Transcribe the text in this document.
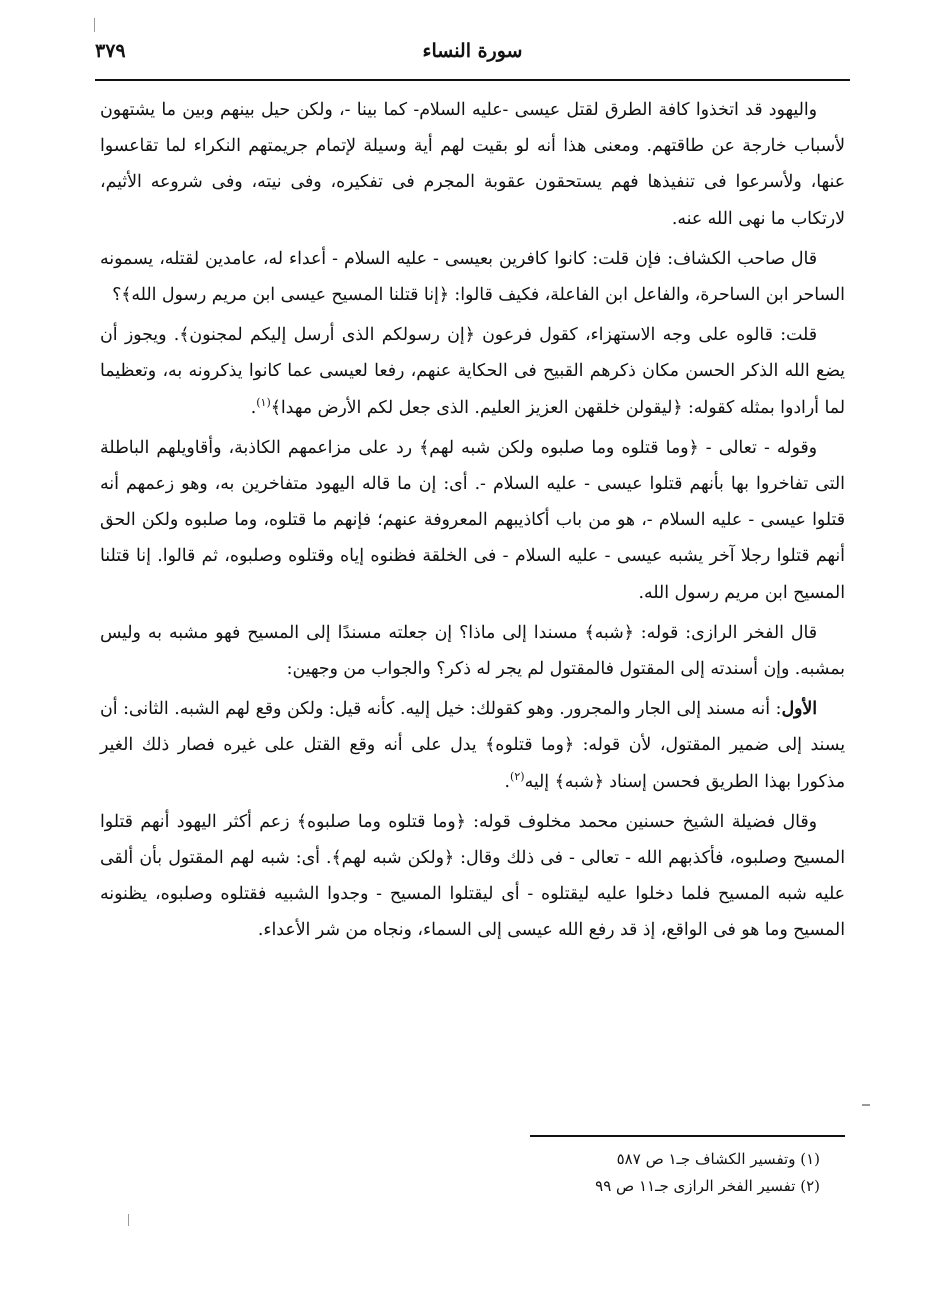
سورة النساء
٣٧٩

واليهود قد اتخذوا كافة الطرق لقتل عيسى -عليه السلام- كما بينا -، ولكن حيل بينهم وبين ما يشتهون لأسباب خارجة عن طاقتهم. ومعنى هذا أنه لو بقيت لهم أية وسيلة لإتمام جريمتهم النكراء لما تقاعسوا عنها، ولأسرعوا فى تنفيذها فهم يستحقون عقوبة المجرم فى تفكيره، وفى نيته، وفى شروعه الأثيم، لارتكاب ما نهى الله عنه.

قال صاحب الكشاف: فإن قلت: كانوا كافرين بعيسى - عليه السلام - أعداء له، عامدين لقتله، يسمونه الساحر ابن الساحرة، والفاعل ابن الفاعلة، فكيف قالوا: ﴿إنا قتلنا المسيح عيسى ابن مريم رسول الله﴾؟

قلت: قالوه على وجه الاستهزاء، كقول فرعون ﴿إن رسولكم الذى أرسل إليكم لمجنون﴾. ويجوز أن يضع الله الذكر الحسن مكان ذكرهم القبيح فى الحكاية عنهم، رفعا لعيسى عما كانوا يذكرونه به، وتعظيما لما أرادوا بمثله كقوله: ﴿ليقولن خلقهن العزيز العليم. الذى جعل لكم الأرض مهدا﴾$^{(١)}$.

وقوله - تعالى - ﴿وما قتلوه وما صلبوه ولكن شبه لهم﴾ رد على مزاعمهم الكاذبة، وأقاويلهم الباطلة التى تفاخروا بها بأنهم قتلوا عيسى - عليه السلام -. أى: إن ما قاله اليهود متفاخرين به، وهو زعمهم أنه قتلوا عيسى - عليه السلام -، هو من باب أكاذيبهم المعروفة عنهم؛ فإنهم ما قتلوه، وما صلبوه ولكن الحق أنهم قتلوا رجلا آخر يشبه عيسى - عليه السلام - فى الخلقة فظنوه إياه وقتلوه وصلبوه، ثم قالوا. إنا قتلنا المسيح ابن مريم رسول الله.

قال الفخر الرازى: قوله: ﴿شبه﴾ مسندا إلى ماذا؟ إن جعلته مسندًا إلى المسيح فهو مشبه به وليس بمشبه. وإن أسندته إلى المقتول فالمقتول لم يجر له ذكر؟ والجواب من وجهين:

الأول: أنه مسند إلى الجار والمجرور. وهو كقولك: خيل إليه. كأنه قيل: ولكن وقع لهم الشبه. الثانى: أن يسند إلى ضمير المقتول، لأن قوله: ﴿وما قتلوه﴾ يدل على أنه وقع القتل على غيره فصار ذلك الغير مذكورا بهذا الطريق فحسن إسناد ﴿شبه﴾ إليه$^{(٢)}$.

وقال فضيلة الشيخ حسنين محمد مخلوف قوله: ﴿وما قتلوه وما صلبوه﴾ زعم أكثر اليهود أنهم قتلوا المسيح وصلبوه، فأكذبهم الله - تعالى - فى ذلك وقال: ﴿ولكن شبه لهم﴾. أى: شبه لهم المقتول بأن ألقى عليه شبه المسيح فلما دخلوا عليه ليقتلوه - أى ليقتلوا المسيح - وجدوا الشبيه فقتلوه وصلبوه، يظنونه المسيح وما هو فى الواقع، إذ قد رفع الله عيسى إلى السماء، ونجاه من شر الأعداء.

(١) وتفسير الكشاف جـ١ ص ٥٨٧
(٢) تفسير الفخر الرازى جـ١١ ص ٩٩
